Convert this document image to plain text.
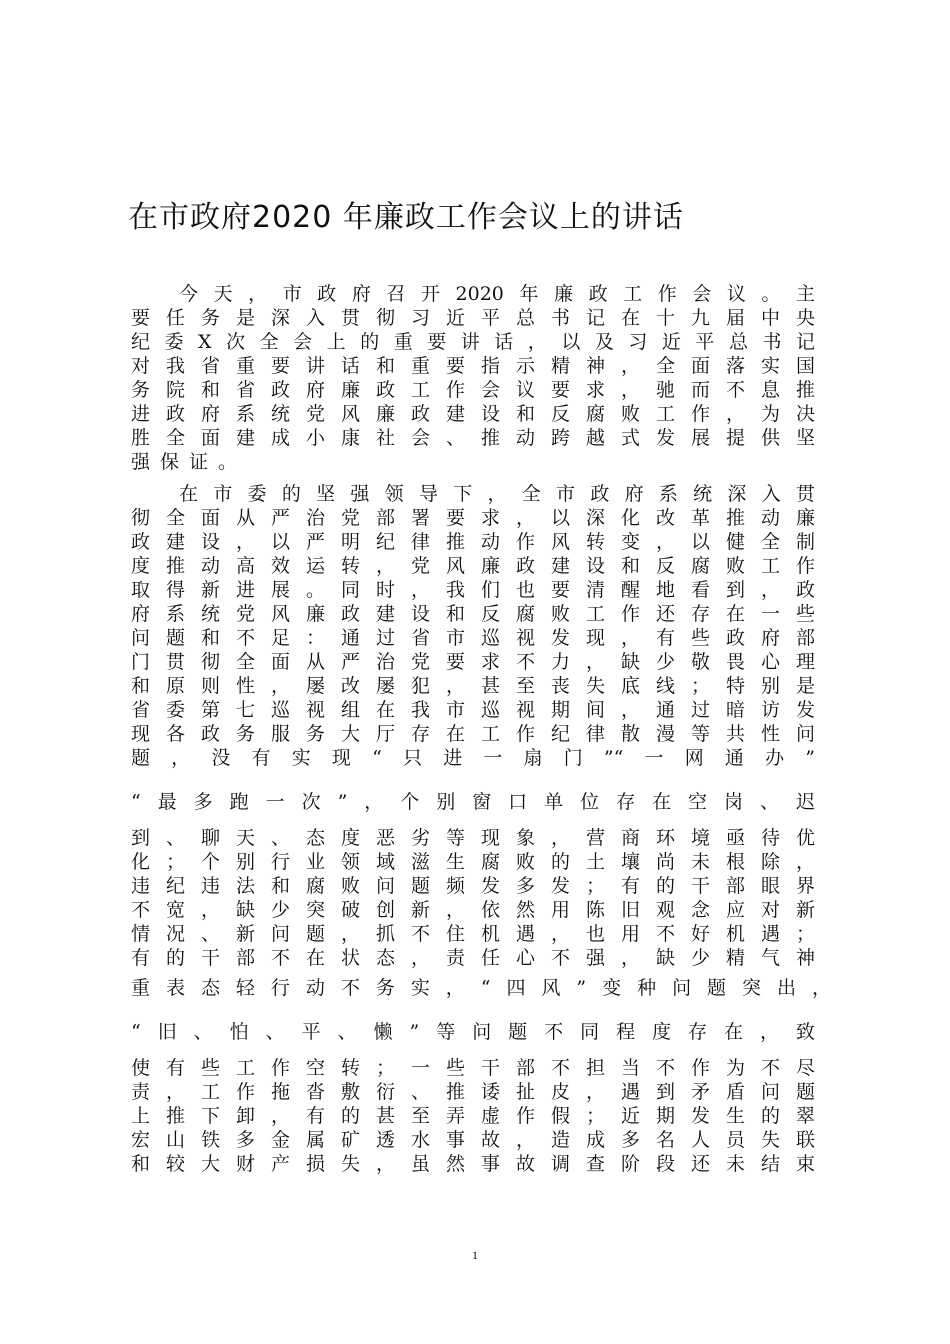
在市政府2020 年廉政工作会议上的讲话
今天，市政府召开2020年廉政工作会议。主
要任务是深入贯彻习近平总书记在十九届中央
纪委X次全会上的重要讲话，以及习近平总书记
对我省重要讲话和重要指示精神，全面落实国
务院和省政府廉政工作会议要求，驰而不息推
进政府系统党风廉政建设和反腐败工作，为决
胜全面建成小康社会、推动跨越式发展提供坚
强保证。
在市委的坚强领导下，全市政府系统深入贯
彻全面从严治党部署要求，以深化改革推动廉
政建设，以严明纪律推动作风转变，以健全制
度推动高效运转，党风廉政建设和反腐败工作
取得新进展。同时，我们也要清醒地看到，政
府系统党风廉政建设和反腐败工作还存在一些
问题和不足：通过省市巡视发现，有些政府部
门贯彻全面从严治党要求不力，缺少敬畏心理
和原则性，屡改屡犯，甚至丧失底线；特别是
省委第七巡视组在我市巡视期间，通过暗访发
现各政务服务大厅存在工作纪律散漫等共性问
题，没有实现“只进一扇门”“一网通办”
“最多跑一次”，个别窗口单位存在空岗、迟
到、聊天、态度恶劣等现象，营商环境亟待优
化；个别行业领域滋生腐败的土壤尚未根除，
违纪违法和腐败问题频发多发；有的干部眼界
不宽，缺少突破创新，依然用陈旧观念应对新
情况、新问题，抓不住机遇，也用不好机遇；
有的干部不在状态，责任心不强，缺少精气神
重表态轻行动不务实，“四风”变种问题突出，
“旧、怕、平、懒”等问题不同程度存在，致
使有些工作空转；一些干部不担当不作为不尽
责，工作拖沓敷衍、推诿扯皮，遇到矛盾问题
上推下卸，有的甚至弄虚作假；近期发生的翠
宏山铁多金属矿透水事故，造成多名人员失联
和较大财产损失，虽然事故调查阶段还未结束
1
